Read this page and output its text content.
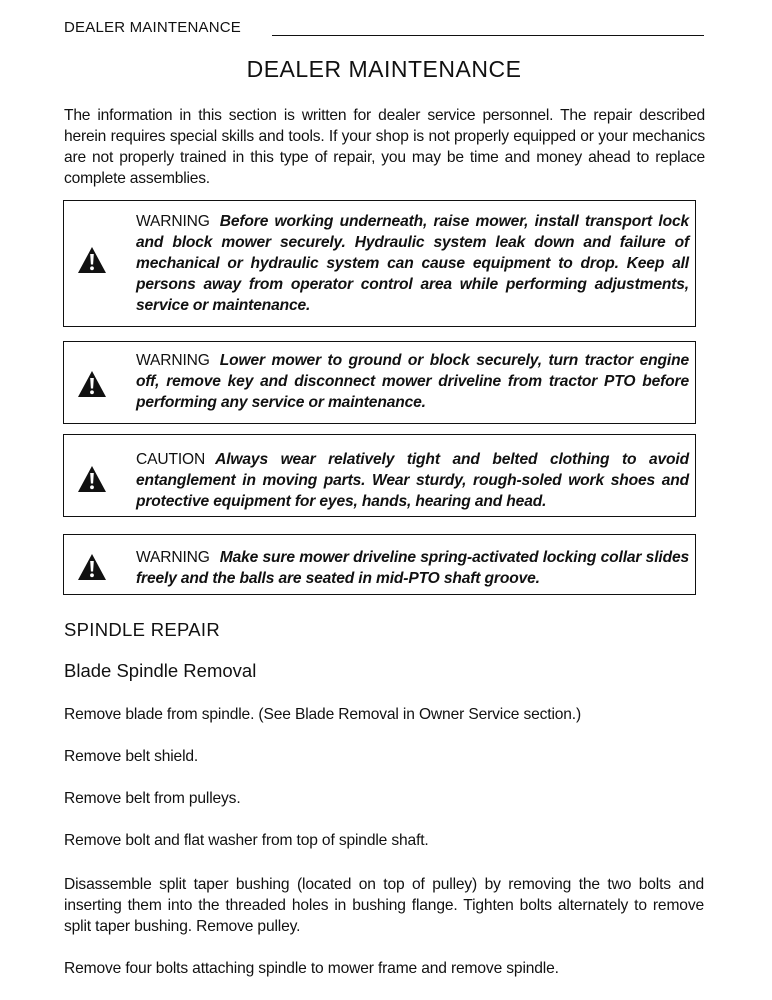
DEALER MAINTENANCE
DEALER MAINTENANCE

The information in this section is written for dealer service personnel. The repair described herein requires special skills and tools. If your shop is not properly equipped or your mechanics are not properly trained in this type of repair, you may be time and money ahead to replace complete assemblies.

WARNING Before working underneath, raise mower, install transport lock and block mower securely. Hydraulic system leak down and failure of mechanical or hydraulic system can cause equipment to drop. Keep all persons away from operator control area while performing adjustments, service or maintenance.

WARNING Lower mower to ground or block securely, turn tractor engine off, remove key and disconnect mower driveline from tractor PTO before performing any service or maintenance.

CAUTION Always wear relatively tight and belted clothing to avoid entanglement in moving parts. Wear sturdy, rough-soled work shoes and protective equipment for eyes, hands, hearing and head.

WARNING Make sure mower driveline spring-activated locking collar slides freely and the balls are seated in mid-PTO shaft groove.

SPINDLE REPAIR
Blade Spindle Removal

Remove blade from spindle. (See Blade Removal in Owner Service section.)

Remove belt shield.

Remove belt from pulleys.

Remove bolt and flat washer from top of spindle shaft.

Disassemble split taper bushing (located on top of pulley) by removing the two bolts and inserting them into the threaded holes in bushing flange. Tighten bolts alternately to remove split taper bushing. Remove pulley.

Remove four bolts attaching spindle to mower frame and remove spindle.
